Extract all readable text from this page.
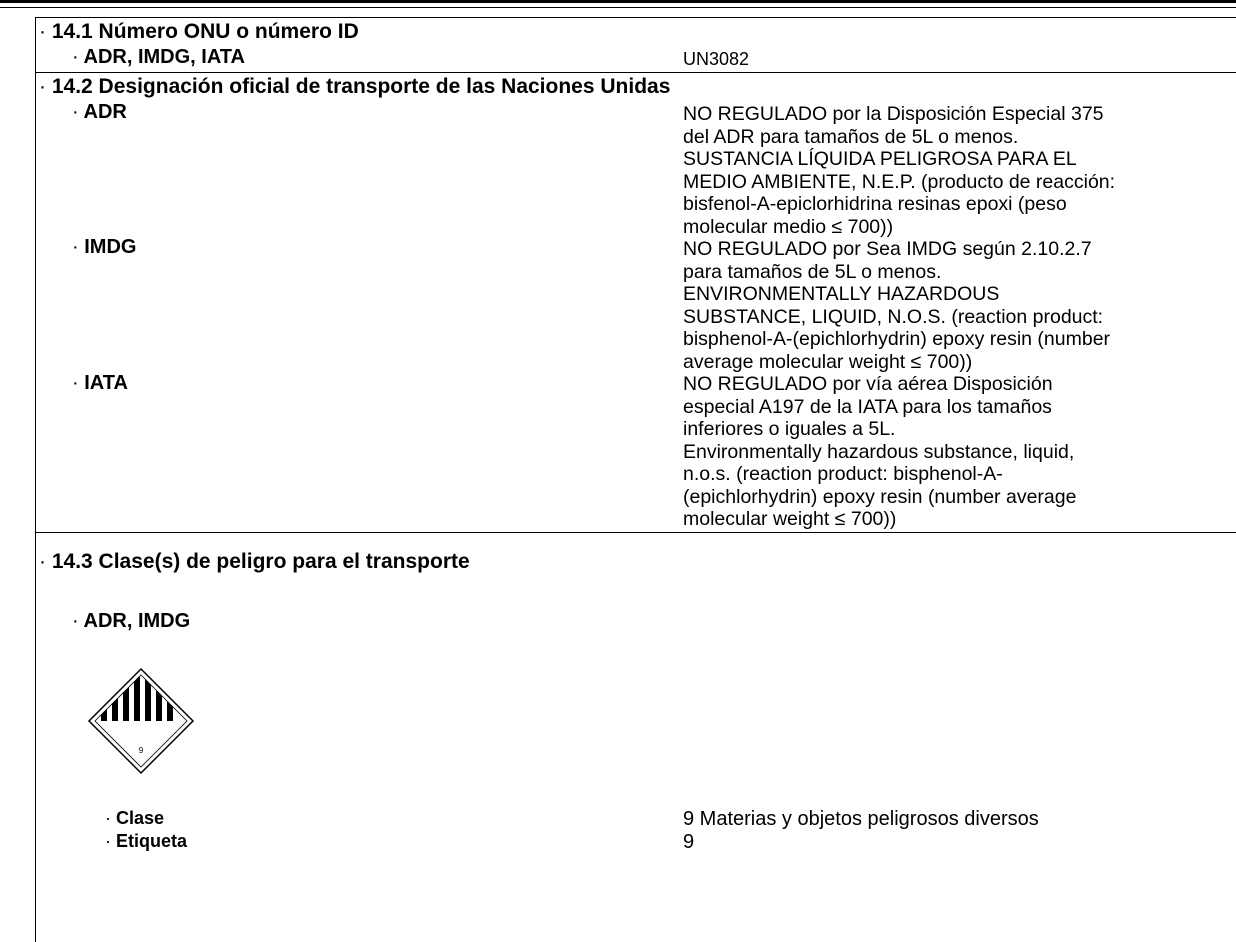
· 14.1 Número ONU o número ID
· ADR, IMDG, IATA	UN3082
· 14.2 Designación oficial de transporte de las Naciones Unidas
· ADR	NO REGULADO por la Disposición Especial 375
del ADR para tamaños de 5L o menos.
SUSTANCIA LÍQUIDA PELIGROSA PARA EL
MEDIO AMBIENTE, N.E.P. (producto de reacción:
bisfenol-A-epiclorhidrina resinas epoxi (peso
molecular medio ≤ 700))
· IMDG	NO REGULADO por Sea IMDG según 2.10.2.7
para tamaños de 5L o menos.
ENVIRONMENTALLY HAZARDOUS
SUBSTANCE, LIQUID, N.O.S. (reaction product:
bisphenol-A-(epichlorhydrin) epoxy resin (number
average molecular weight ≤ 700))
· IATA	NO REGULADO por vía aérea Disposición
especial A197 de la IATA para los tamaños
inferiores o iguales a 5L.
Environmentally hazardous substance, liquid,
n.o.s. (reaction product: bisphenol-A-
(epichlorhydrin) epoxy resin (number average
molecular weight ≤ 700))
· 14.3 Clase(s) de peligro para el transporte
· ADR, IMDG
9
· Clase	9 Materias y objetos peligrosos diversos
· Etiqueta	9
